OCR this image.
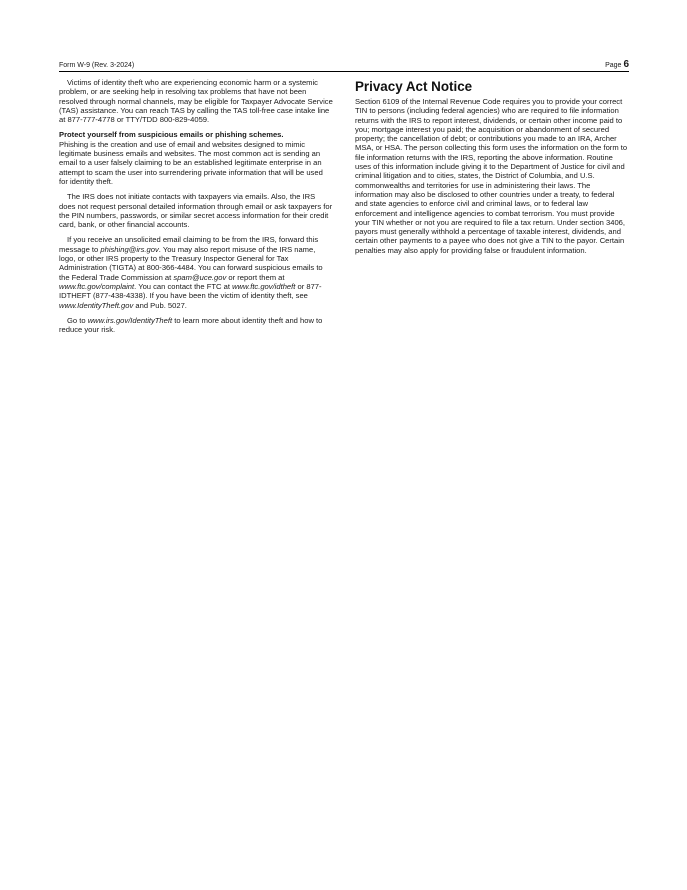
Form W-9 (Rev. 3-2024)	Page 6

Victims of identity theft who are experiencing economic harm or a systemic problem, or are seeking help in resolving tax problems that have not been resolved through normal channels, may be eligible for Taxpayer Advocate Service (TAS) assistance. You can reach TAS by calling the TAS toll-free case intake line at 877-777-4778 or TTY/TDD 800-829-4059.

Protect yourself from suspicious emails or phishing schemes.
Phishing is the creation and use of email and websites designed to mimic legitimate business emails and websites. The most common act is sending an email to a user falsely claiming to be an established legitimate enterprise in an attempt to scam the user into surrendering private information that will be used for identity theft.

The IRS does not initiate contacts with taxpayers via emails. Also, the IRS does not request personal detailed information through email or ask taxpayers for the PIN numbers, passwords, or similar secret access information for their credit card, bank, or other financial accounts.

If you receive an unsolicited email claiming to be from the IRS, forward this message to phishing@irs.gov. You may also report misuse of the IRS name, logo, or other IRS property to the Treasury Inspector General for Tax Administration (TIGTA) at 800-366-4484. You can forward suspicious emails to the Federal Trade Commission at spam@uce.gov or report them at www.ftc.gov/complaint. You can contact the FTC at www.ftc.gov/idtheft or 877-IDTHEFT (877-438-4338). If you have been the victim of identity theft, see www.IdentityTheft.gov and Pub. 5027.

Go to www.irs.gov/IdentityTheft to learn more about identity theft and how to reduce your risk.

Privacy Act Notice

Section 6109 of the Internal Revenue Code requires you to provide your correct TIN to persons (including federal agencies) who are required to file information returns with the IRS to report interest, dividends, or certain other income paid to you; mortgage interest you paid; the acquisition or abandonment of secured property; the cancellation of debt; or contributions you made to an IRA, Archer MSA, or HSA. The person collecting this form uses the information on the form to file information returns with the IRS, reporting the above information. Routine uses of this information include giving it to the Department of Justice for civil and criminal litigation and to cities, states, the District of Columbia, and U.S. commonwealths and territories for use in administering their laws. The information may also be disclosed to other countries under a treaty, to federal and state agencies to enforce civil and criminal laws, or to federal law enforcement and intelligence agencies to combat terrorism. You must provide your TIN whether or not you are required to file a tax return. Under section 3406, payors must generally withhold a percentage of taxable interest, dividends, and certain other payments to a payee who does not give a TIN to the payor. Certain penalties may also apply for providing false or fraudulent information.
